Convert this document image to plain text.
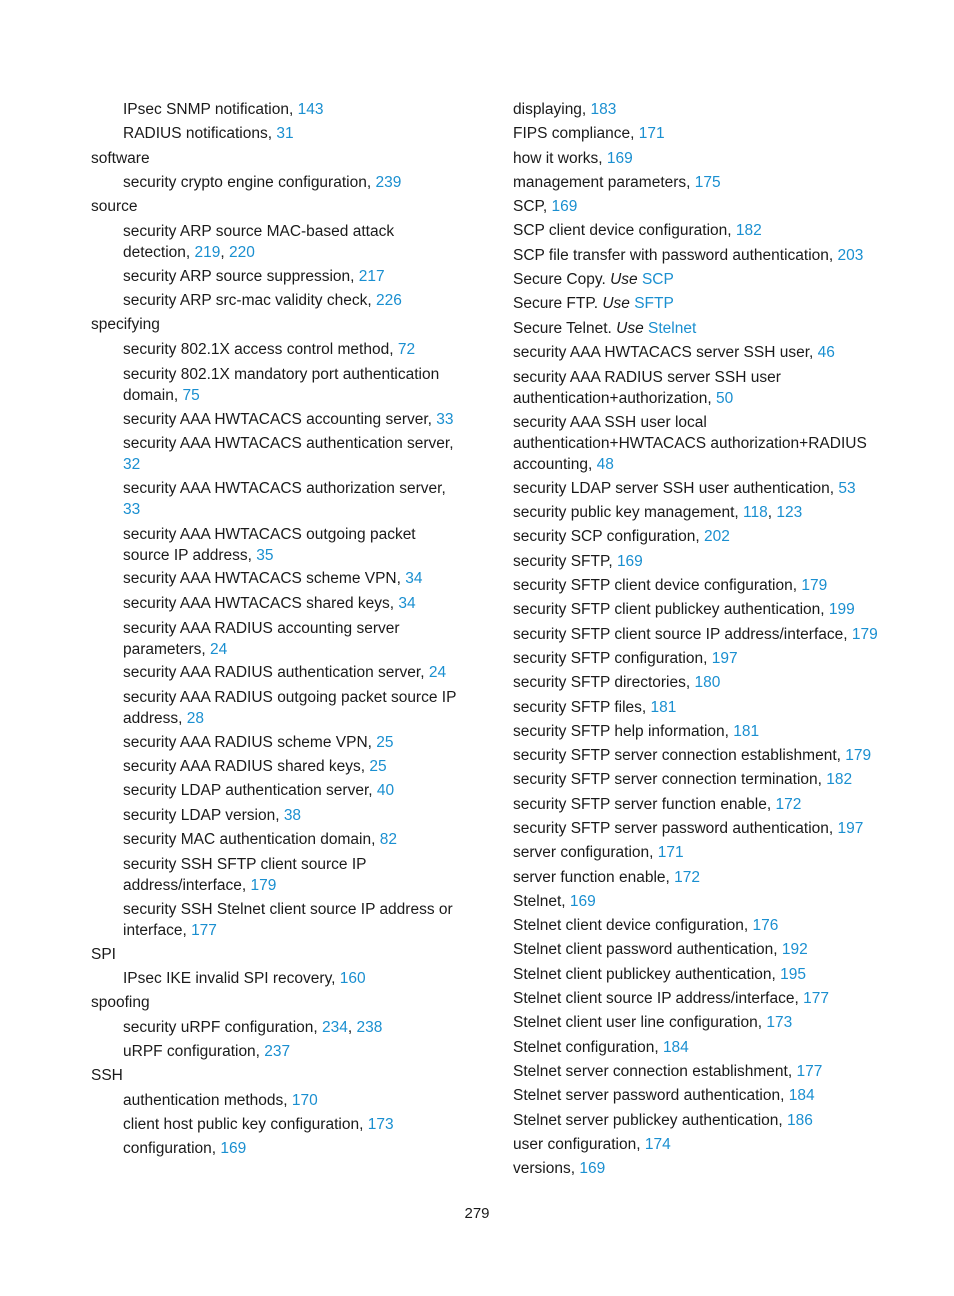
IPsec SNMP notification, 143

RADIUS notifications, 31

software

security crypto engine configuration, 239

source

security ARP source MAC-based attack detection, 219, 220

security ARP source suppression, 217

security ARP src-mac validity check, 226

specifying

security 802.1X access control method, 72

security 802.1X mandatory port authentication domain, 75

security AAA HWTACACS accounting server, 33

security AAA HWTACACS authentication server, 32

security AAA HWTACACS authorization server, 33

security AAA HWTACACS outgoing packet source IP address, 35

security AAA HWTACACS scheme VPN, 34

security AAA HWTACACS shared keys, 34

security AAA RADIUS accounting server parameters, 24

security AAA RADIUS authentication server, 24

security AAA RADIUS outgoing packet source IP address, 28

security AAA RADIUS scheme VPN, 25

security AAA RADIUS shared keys, 25

security LDAP authentication server, 40

security LDAP version, 38

security MAC authentication domain, 82

security SSH SFTP client source IP address/interface, 179

security SSH Stelnet client source IP address or interface, 177

SPI

IPsec IKE invalid SPI recovery, 160

spoofing

security uRPF configuration, 234, 238

uRPF configuration, 237

SSH

authentication methods, 170

client host public key configuration, 173

configuration, 169

displaying, 183

FIPS compliance, 171

how it works, 169

management parameters, 175

SCP, 169

SCP client device configuration, 182

SCP file transfer with password authentication, 203

Secure Copy. Use SCP

Secure FTP. Use SFTP

Secure Telnet. Use Stelnet

security AAA HWTACACS server SSH user, 46

security AAA RADIUS server SSH user authentication+authorization, 50

security AAA SSH user local authentication+HWTACACS authorization+RADIUS accounting, 48

security LDAP server SSH user authentication, 53

security public key management, 118, 123

security SCP configuration, 202

security SFTP, 169

security SFTP client device configuration, 179

security SFTP client publickey authentication, 199

security SFTP client source IP address/interface, 179

security SFTP configuration, 197

security SFTP directories, 180

security SFTP files, 181

security SFTP help information, 181

security SFTP server connection establishment, 179

security SFTP server connection termination, 182

security SFTP server function enable, 172

security SFTP server password authentication, 197

server configuration, 171

server function enable, 172

Stelnet, 169

Stelnet client device configuration, 176

Stelnet client password authentication, 192

Stelnet client publickey authentication, 195

Stelnet client source IP address/interface, 177

Stelnet client user line configuration, 173

Stelnet configuration, 184

Stelnet server connection establishment, 177

Stelnet server password authentication, 184

Stelnet server publickey authentication, 186

user configuration, 174

versions, 169

279
